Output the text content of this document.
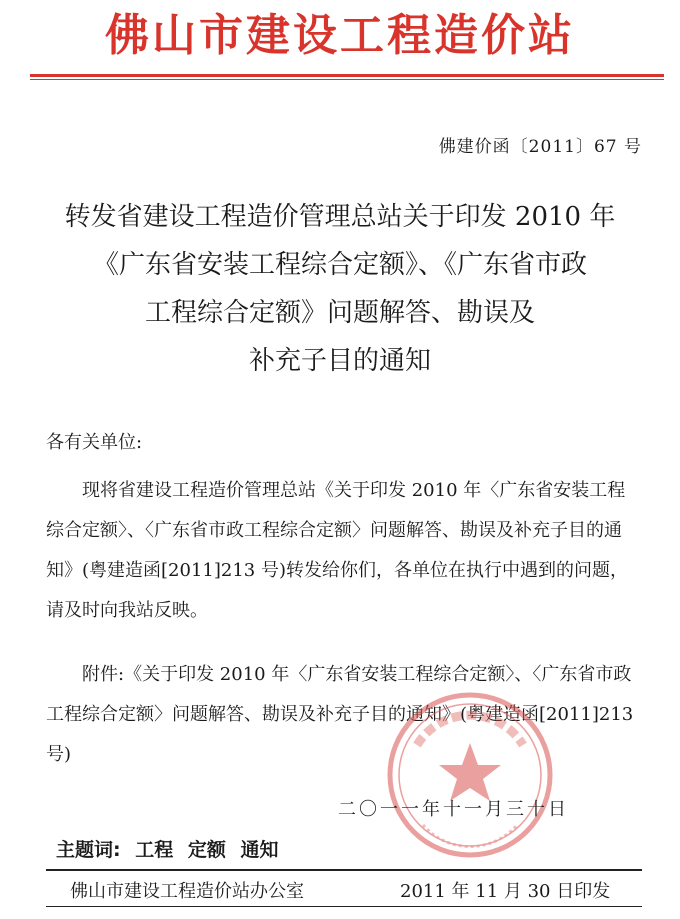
佛山市建设工程造价站
佛建价函〔2011〕67 号
转发省建设工程造价管理总站关于印发 2010 年
《广东省安装工程综合定额》、《广东省市政
工程综合定额》问题解答、勘误及
补充子目的通知
各有关单位:

现将省建设工程造价管理总站《关于印发 2010 年〈广东省安装工程综合定额〉、〈广东省市政工程综合定额〉问题解答、勘误及补充子目的通知》(粤建造函[2011]213 号)转发给你们，各单位在执行中遇到的问题，请及时向我站反映。

附件:《关于印发 2010 年〈广东省安装工程综合定额〉、〈广东省市政工程综合定额〉问题解答、勘误及补充子目的通知》(粤建造函[2011]213 号)

二〇一一年十一月三十日
主题词: 工程 定额 通知
佛山市建设工程造价站办公室	2011 年 11 月 30 日印发
